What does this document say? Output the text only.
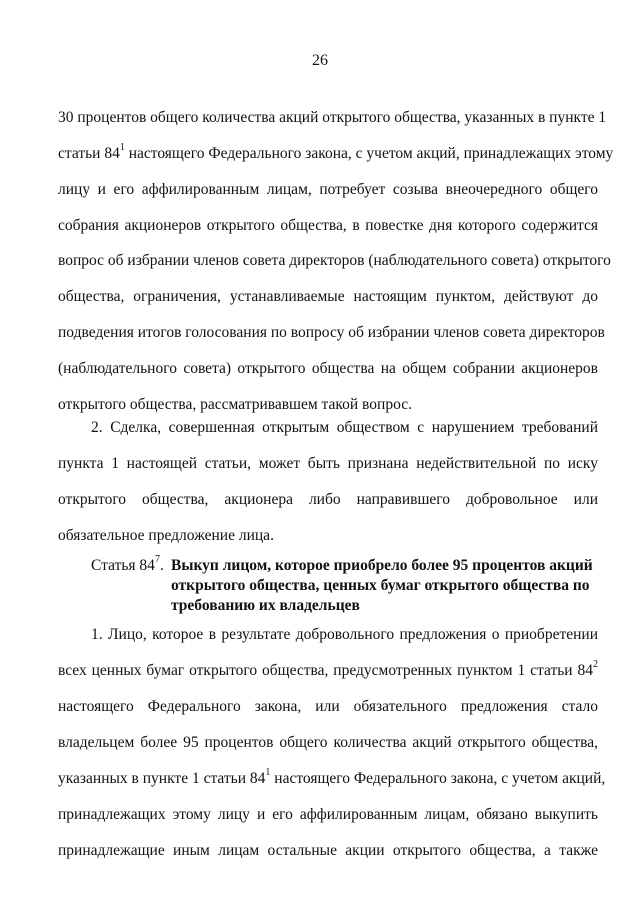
26
30 процентов общего количества акций открытого общества, указанных в пункте 1
статьи $84^1$ настоящего Федерального закона, с учетом акций, принадлежащих этому
лицу и его аффилированным лицам, потребует созыва внеочередного общего
собрания акционеров открытого общества, в повестке дня которого содержится
вопрос об избрании членов совета директоров (наблюдательного совета) открытого
общества, ограничения, устанавливаемые настоящим пунктом, действуют до
подведения итогов голосования по вопросу об избрании членов совета директоров
(наблюдательного совета) открытого общества на общем собрании акционеров
открытого общества, рассматривавшем такой вопрос.
2. Сделка, совершенная открытым обществом с нарушением требований
пункта 1 настоящей статьи, может быть признана недействительной по иску
открытого общества, акционера либо направившего добровольное или
обязательное предложение лица.
Статья $84^7$. Выкуп лицом, которое приобрело более 95 процентов акций
открытого общества, ценных бумаг открытого общества по
требованию их владельцев
1. Лицо, которое в результате добровольного предложения о приобретении
всех ценных бумаг открытого общества, предусмотренных пунктом 1 статьи $84^2$
настоящего Федерального закона, или обязательного предложения стало
владельцем более 95 процентов общего количества акций открытого общества,
указанных в пункте 1 статьи $84^1$ настоящего Федерального закона, с учетом акций,
принадлежащих этому лицу и его аффилированным лицам, обязано выкупить
принадлежащие иным лицам остальные акции открытого общества, а также
